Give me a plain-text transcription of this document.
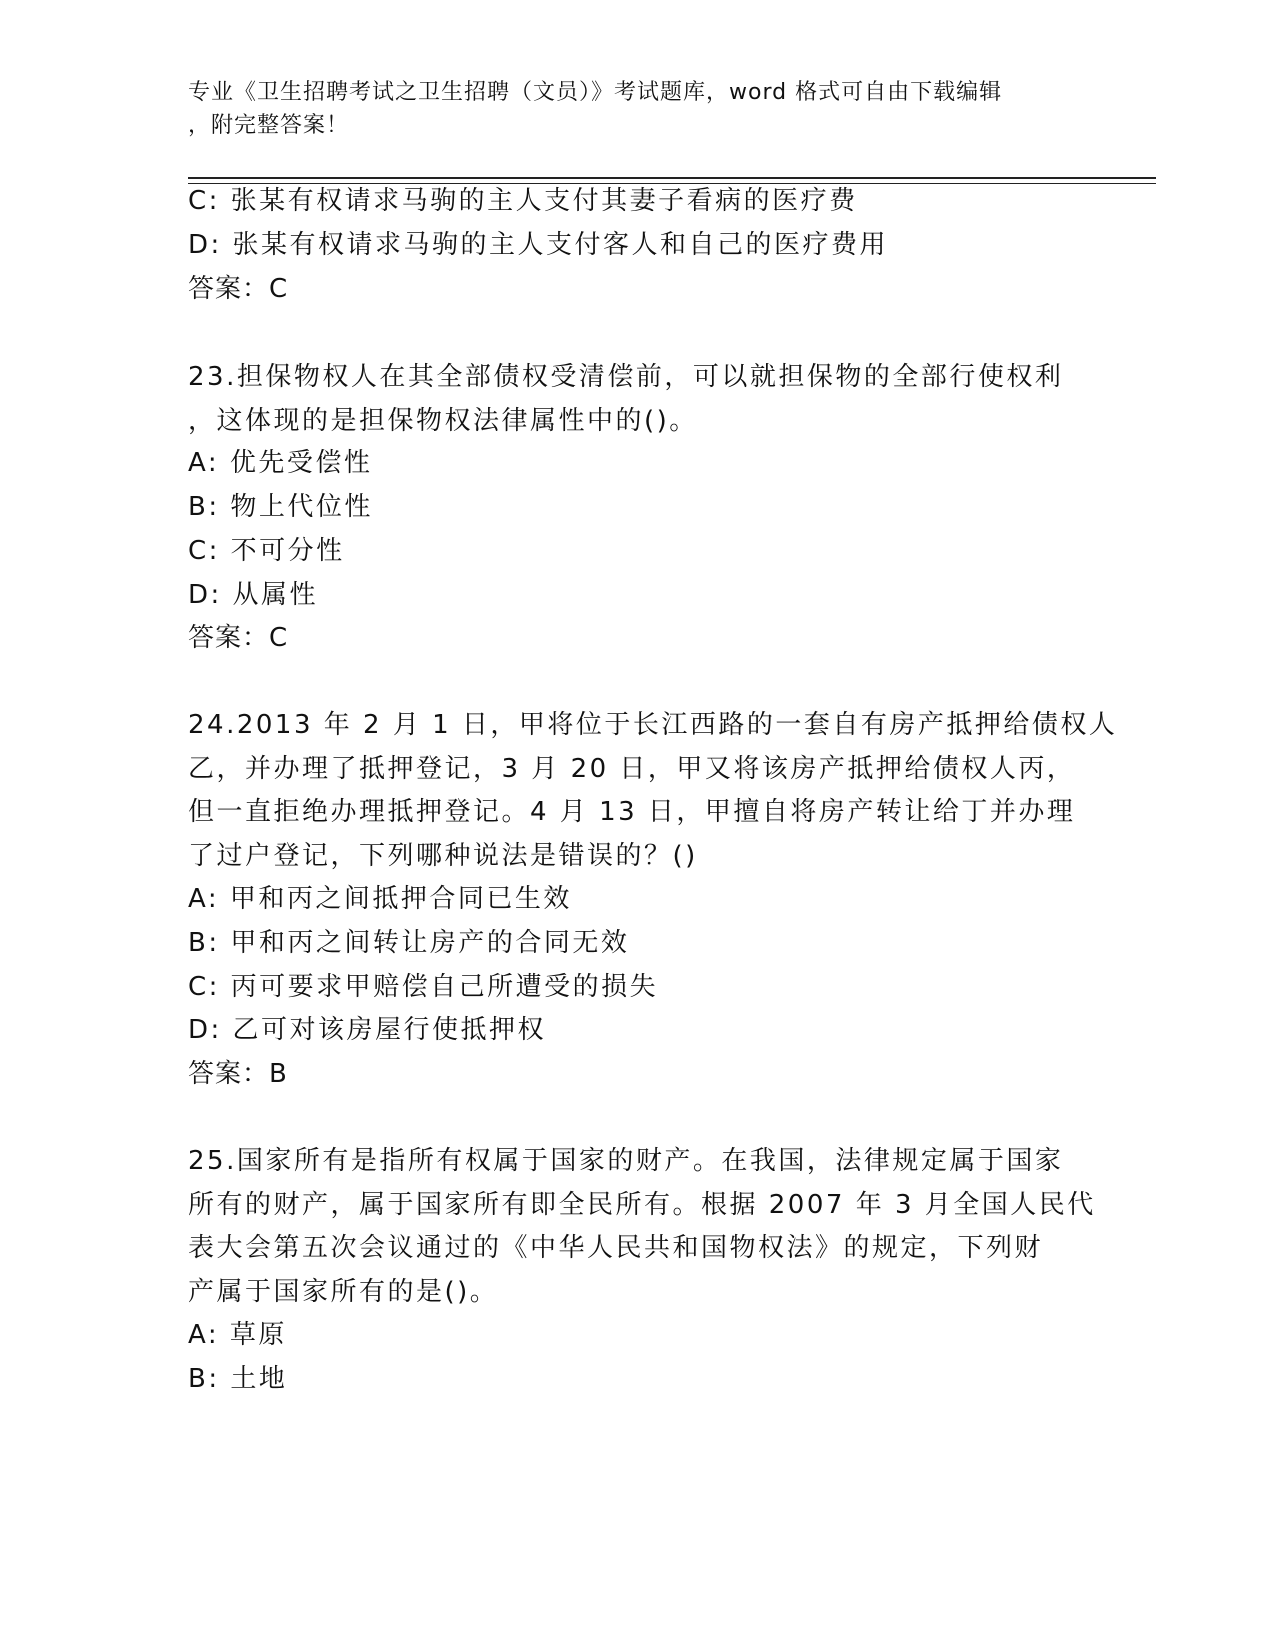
专业《卫生招聘考试之卫生招聘（文员）》考试题库，word 格式可自由下载编辑
，附完整答案！
C: 张某有权请求马驹的主人支付其妻子看病的医疗费
D: 张某有权请求马驹的主人支付客人和自己的医疗费用
答案：C
23.担保物权人在其全部债权受清偿前，可以就担保物的全部行使权利
，这体现的是担保物权法律属性中的()。
A: 优先受偿性
B: 物上代位性
C: 不可分性
D: 从属性
答案：C
24.2013 年 2 月 1 日，甲将位于长江西路的一套自有房产抵押给债权人
乙，并办理了抵押登记，3 月 20 日，甲又将该房产抵押给债权人丙，
但一直拒绝办理抵押登记。4 月 13 日，甲擅自将房产转让给丁并办理
了过户登记，下列哪种说法是错误的？()
A: 甲和丙之间抵押合同已生效
B: 甲和丙之间转让房产的合同无效
C: 丙可要求甲赔偿自己所遭受的损失
D: 乙可对该房屋行使抵押权
答案：B
25.国家所有是指所有权属于国家的财产。在我国，法律规定属于国家
所有的财产，属于国家所有即全民所有。根据 2007 年 3 月全国人民代
表大会第五次会议通过的《中华人民共和国物权法》的规定，下列财
产属于国家所有的是()。
A: 草原
B: 土地
